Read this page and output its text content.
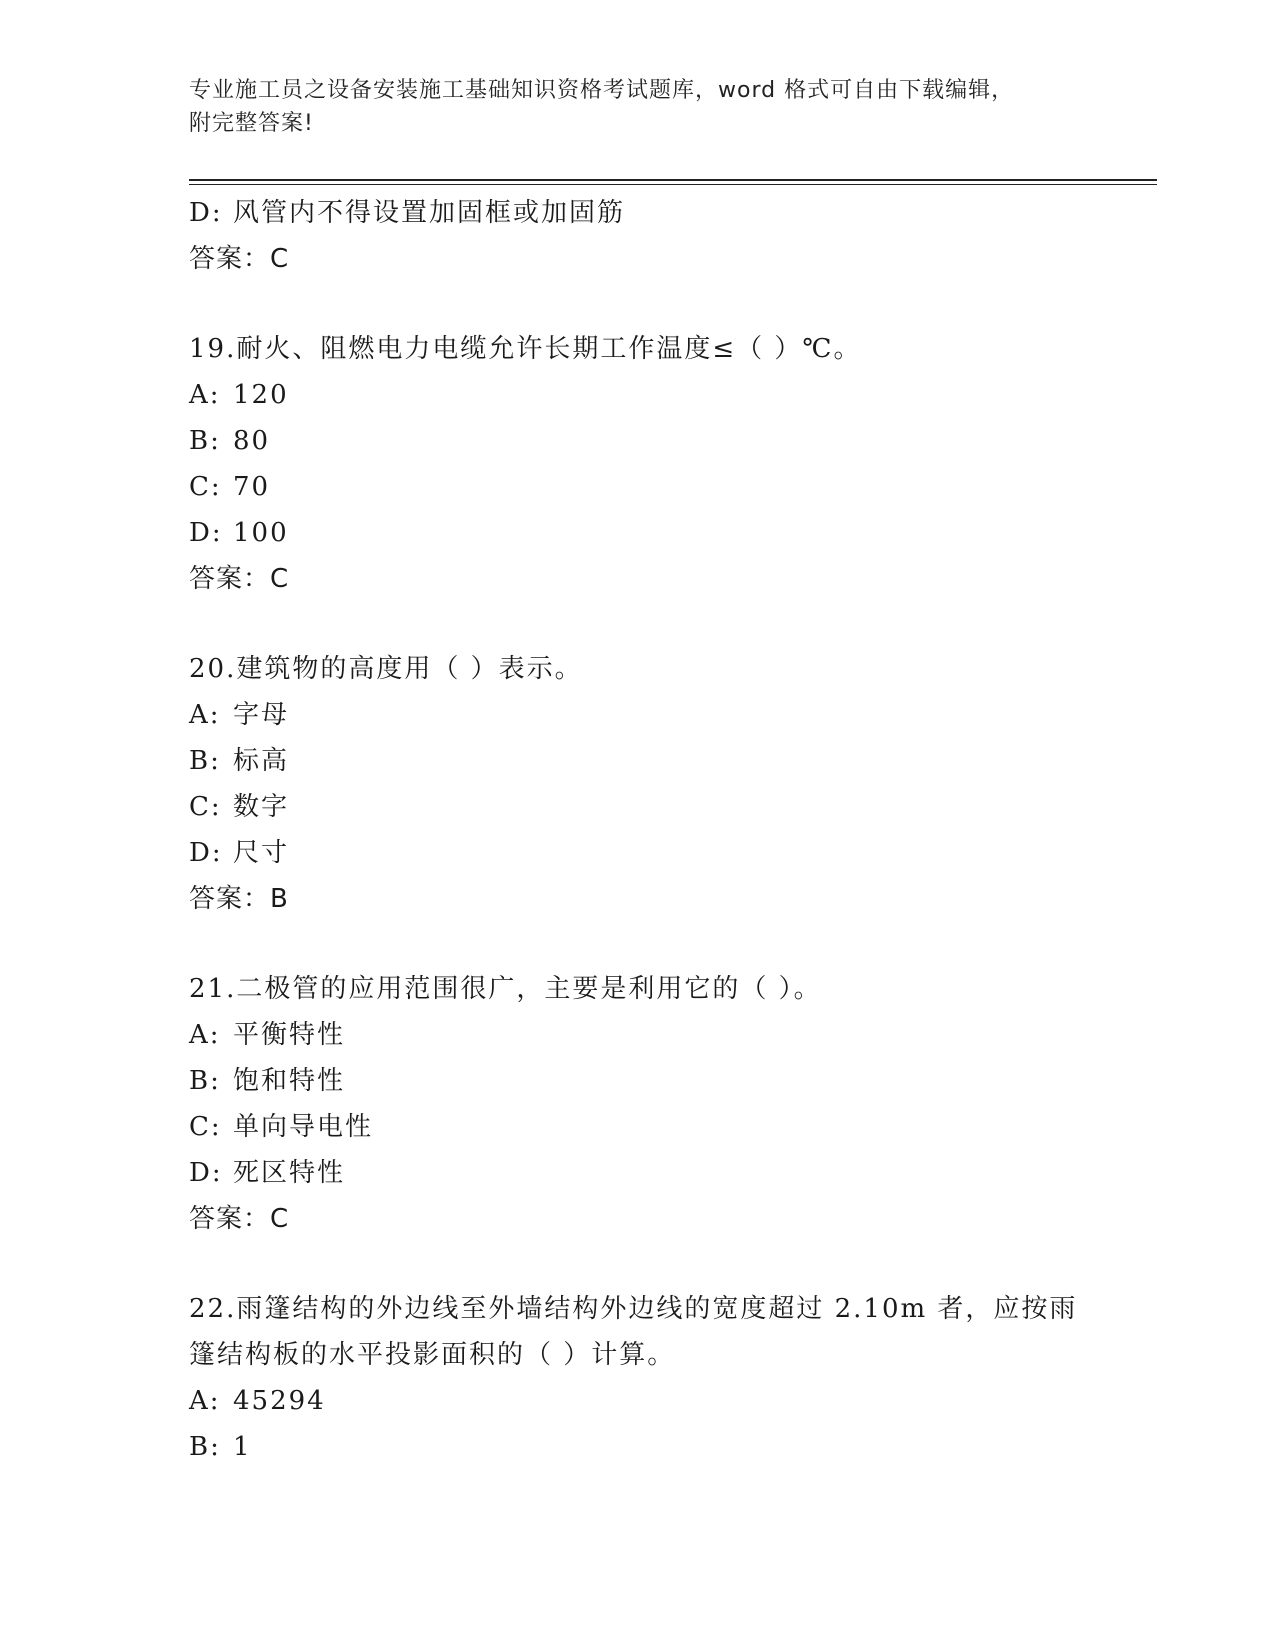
专业施工员之设备安装施工基础知识资格考试题库，word 格式可自由下载编辑，
附完整答案!
D: 风管内不得设置加固框或加固筋
答案：C
19.耐火、阻燃电力电缆允许长期工作温度≤（ ）℃。
A: 120
B: 80
C: 70
D: 100
答案：C
20.建筑物的高度用（ ）表示。
A: 字母
B: 标高
C: 数字
D: 尺寸
答案：B
21.二极管的应用范围很广，主要是利用它的（ ）。
A: 平衡特性
B: 饱和特性
C: 单向导电性
D: 死区特性
答案：C
22.雨篷结构的外边线至外墙结构外边线的宽度超过 2.10m 者，应按雨
篷结构板的水平投影面积的（ ）计算。
A: 45294
B: 1
